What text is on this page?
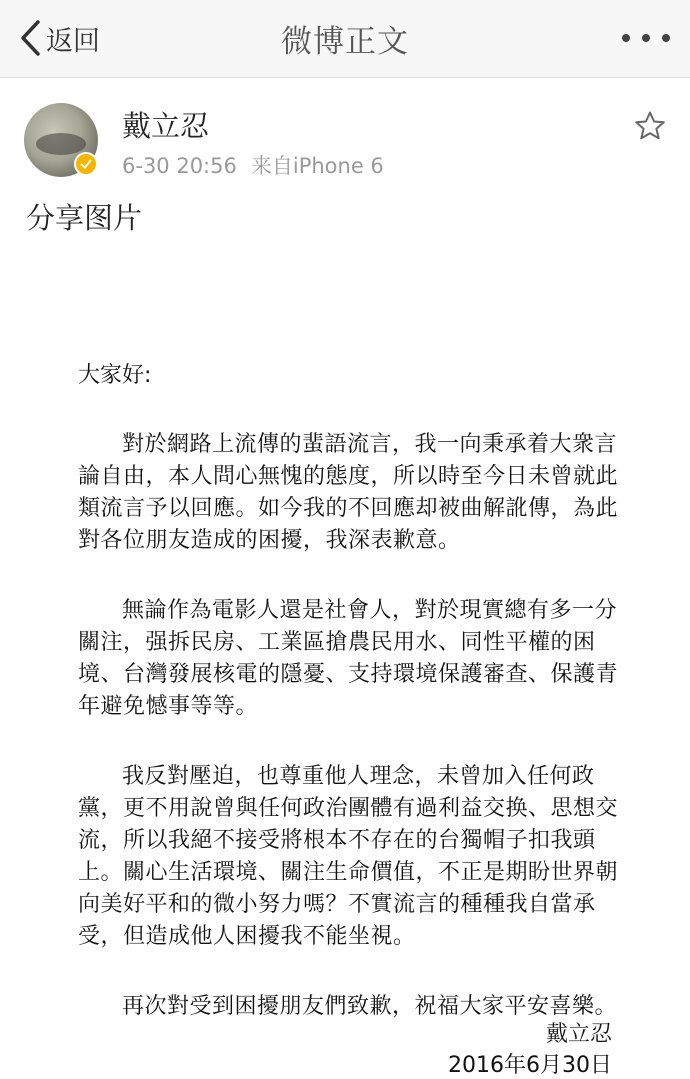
返回	微博正文
戴立忍
6-30 20:56 来自iPhone 6
分享图片

大家好:

對於網路上流傳的蜚語流言，我一向秉承着大衆言論自由，本人問心無愧的態度，所以時至今日未曾就此類流言予以回應。如今我的不回應却被曲解訛傳，為此對各位朋友造成的困擾，我深表歉意。

無論作為電影人還是社會人，對於現實總有多一分關注，强拆民房、工業區搶農民用水、同性平權的困境、台灣發展核電的隱憂、支持環境保護審查、保護青年避免憾事等等。

我反對壓迫，也尊重他人理念，未曾加入任何政黨，更不用說曾與任何政治團體有過利益交换、思想交流，所以我絕不接受將根本不存在的台獨帽子扣我頭上。關心生活環境、關注生命價值，不正是期盼世界朝向美好平和的微小努力嗎？不實流言的種種我自當承受，但造成他人困擾我不能坐視。

再次對受到困擾朋友們致歉，祝福大家平安喜樂。

戴立忍
2016年6月30日
